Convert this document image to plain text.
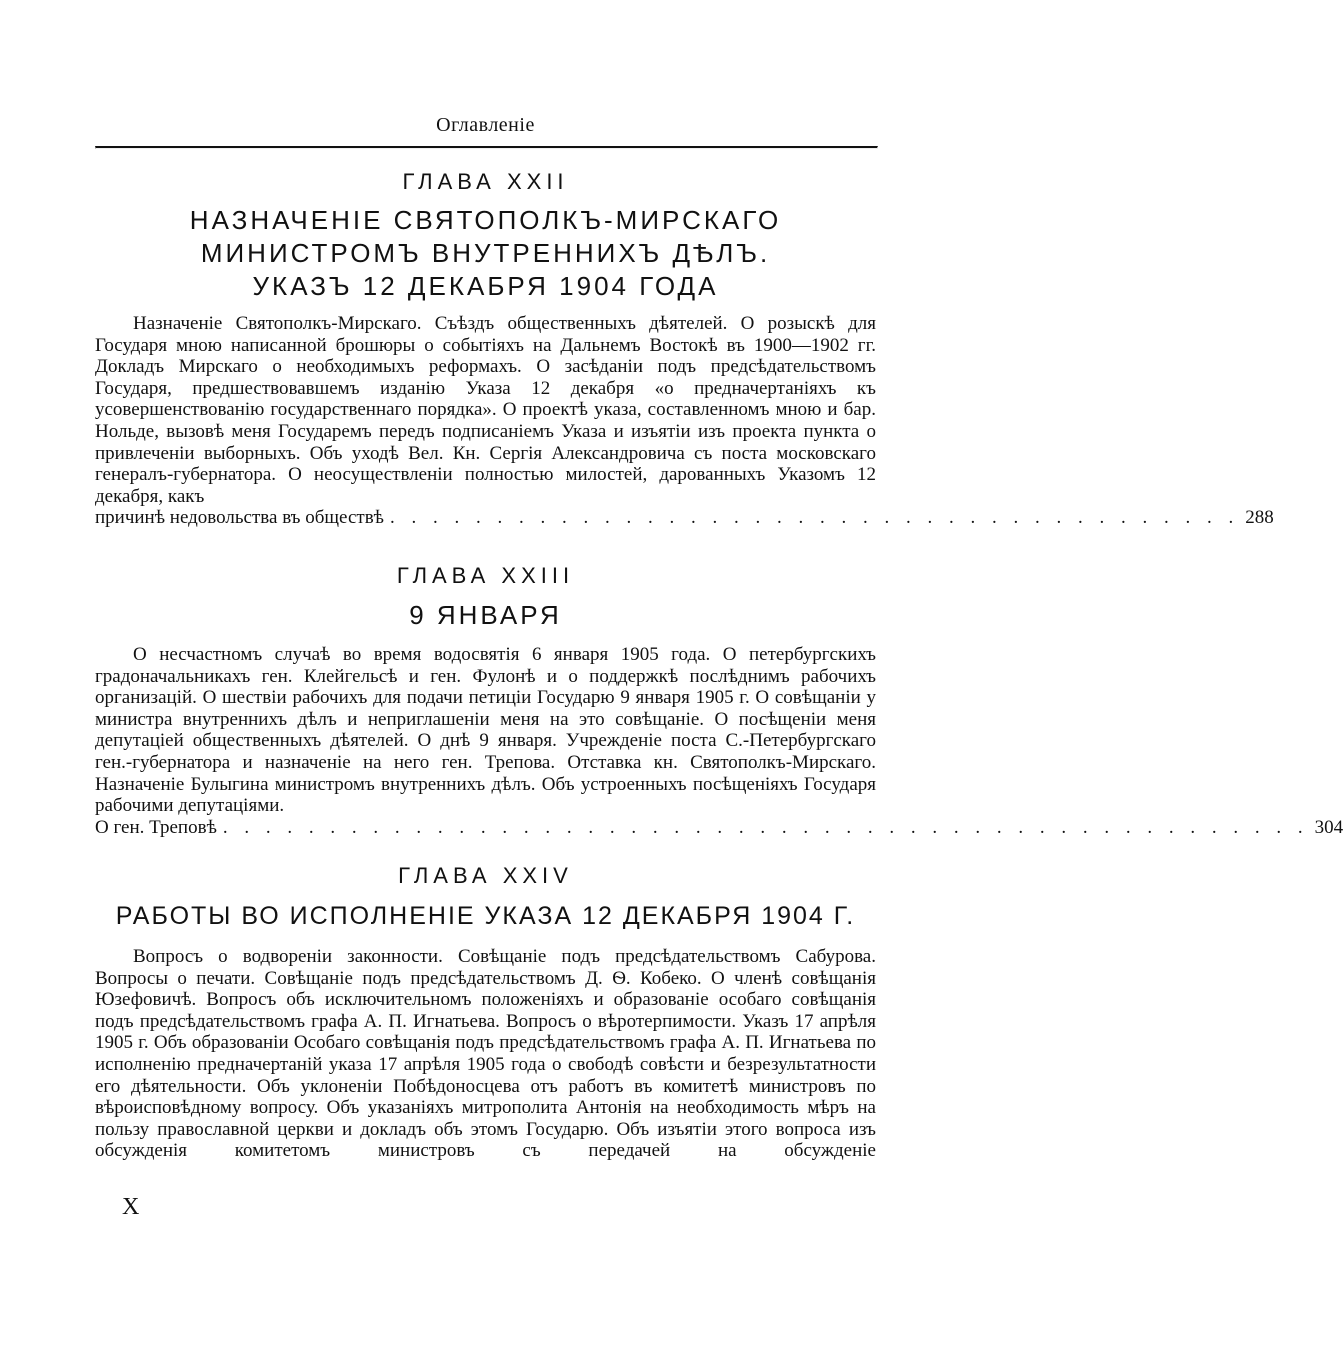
Оглавленіе

ГЛАВА XXII

НАЗНАЧЕНІЕ СВЯТОПОЛКЪ-МИРСКАГО

МИНИСТРОМЪ ВНУТРЕННИХЪ ДѢЛЪ.

УКАЗЪ 12 ДЕКАБРЯ 1904 ГОДА

Назначеніе Святополкъ-Мирскаго. Съѣздъ общественныхъ дѣятелей. О розыскѣ для Государя мною написанной брошюры о событіяхъ на Дальнемъ Востокѣ въ 1900—1902 гг. Докладъ Мирскаго о необходимыхъ реформахъ. О засѣданіи подъ предсѣдательствомъ Государя, предшествовавшемъ изданію Указа 12 декабря «о предначертаніяхъ къ усовершенствованію государственнаго порядка». О проектѣ указа, составленномъ мною и бар. Нольде, вызовѣ меня Государемъ передъ подписаніемъ Указа и изъятіи изъ проекта пункта о привлеченіи выборныхъ. Объ уходѣ Вел. Кн. Сергія Александровича съ поста московскаго генералъ-губернатора. О неосуществленіи полностью милостей, дарованныхъ Указомъ 12 декабря, какъ

причинѣ недовольства въ обществѣ . . . . . . . . . . . . . . . . . . . . . . . . . . . . . . . . . . . . . . . . 288

ГЛАВА XXIII

9 ЯНВАРЯ

О несчастномъ случаѣ во время водосвятія 6 января 1905 года. О петербургскихъ градоначальникахъ ген. Клейгельсѣ и ген. Фулонѣ и о поддержкѣ послѣднимъ рабочихъ организацій. О шествіи рабочихъ для подачи петиціи Государю 9 января 1905 г. О совѣщаніи у министра внутреннихъ дѣлъ и неприглашеніи меня на это совѣщаніе. О посѣщеніи меня депутаціей общественныхъ дѣятелей. О днѣ 9 января. Учрежденіе поста С.-Петербургскаго ген.-губернатора и назначеніе на него ген. Трепова. Отставка кн. Святополкъ-Мирскаго. Назначеніе Булыгина министромъ внутреннихъ дѣлъ. Объ устроенныхъ посѣщеніяхъ Государя рабочими депутаціями.

О ген. Треповѣ . . . . . . . . . . . . . . . . . . . . . . . . . . . . . . . . . . . . . . . . . . . . . . . . . . . 304

ГЛАВА XXIV

РАБОТЫ ВО ИСПОЛНЕНІЕ УКАЗА 12 ДЕКАБРЯ 1904 Г.

Вопросъ о водвореніи законности. Совѣщаніе подъ предсѣдательствомъ Сабурова. Вопросы о печати. Совѣщаніе подъ предсѣдательствомъ Д. Ѳ. Кобеко. О членѣ совѣщанія Юзефовичѣ. Вопросъ объ исключительномъ положеніяхъ и образованіе особаго совѣщанія подъ предсѣдательствомъ графа А. П. Игнатьева. Вопросъ о вѣротерпимости. Указъ 17 апрѣля 1905 г. Объ образованіи Особаго совѣщанія подъ предсѣдательствомъ графа А. П. Игнатьева по исполненію предначертаній указа 17 апрѣля 1905 года о свободѣ совѣсти и безрезультатности его дѣятельности. Объ уклоненіи Побѣдоносцева отъ работъ въ комитетѣ министровъ по вѣроисповѣдному вопросу. Объ указаніяхъ митрополита Антонія на необходимость мѣръ на пользу православной церкви и докладъ объ этомъ Государю. Объ изъятіи этого вопроса изъ обсужденія комитетомъ министровъ съ передачей на обсужденіе

X
